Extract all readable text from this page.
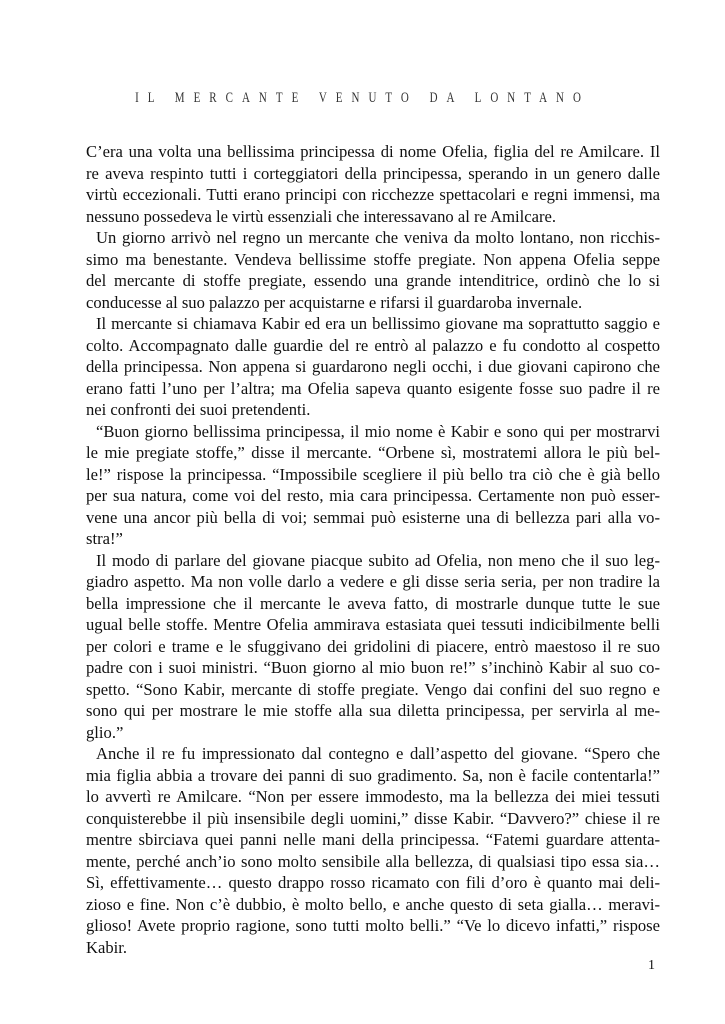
IL MERCANTE VENUTO DA LONTANO
C’era una volta una bellissima principessa di nome Ofelia, figlia del re Amilcare. Il
re aveva respinto tutti i corteggiatori della principessa, sperando in un genero dalle
virtù eccezionali. Tutti erano principi con ricchezze spettacolari e regni immensi, ma
nessuno possedeva le virtù essenziali che interessavano al re Amilcare.
Un giorno arrivò nel regno un mercante che veniva da molto lontano, non ricchis-
simo ma benestante. Vendeva bellissime stoffe pregiate. Non appena Ofelia seppe
del mercante di stoffe pregiate, essendo una grande intenditrice, ordinò che lo si
conducesse al suo palazzo per acquistarne e rifarsi il guardaroba invernale.
Il mercante si chiamava Kabir ed era un bellissimo giovane ma soprattutto saggio e
colto. Accompagnato dalle guardie del re entrò al palazzo e fu condotto al cospetto
della principessa. Non appena si guardarono negli occhi, i due giovani capirono che
erano fatti l’uno per l’altra; ma Ofelia sapeva quanto esigente fosse suo padre il re
nei confronti dei suoi pretendenti.
“Buon giorno bellissima principessa, il mio nome è Kabir e sono qui per mostrarvi
le mie pregiate stoffe,” disse il mercante. “Orbene sì, mostratemi allora le più bel-
le!” rispose la principessa. “Impossibile scegliere il più bello tra ciò che è già bello
per sua natura, come voi del resto, mia cara principessa. Certamente non può esser-
vene una ancor più bella di voi; semmai può esisterne una di bellezza pari alla vo-
stra!”
Il modo di parlare del giovane piacque subito ad Ofelia, non meno che il suo leg-
giadro aspetto. Ma non volle darlo a vedere e gli disse seria seria, per non tradire la
bella impressione che il mercante le aveva fatto, di mostrarle dunque tutte le sue
ugual belle stoffe. Mentre Ofelia ammirava estasiata quei tessuti indicibilmente belli
per colori e trame e le sfuggivano dei gridolini di piacere, entrò maestoso il re suo
padre con i suoi ministri. “Buon giorno al mio buon re!” s’inchinò Kabir al suo co-
spetto. “Sono Kabir, mercante di stoffe pregiate. Vengo dai confini del suo regno e
sono qui per mostrare le mie stoffe alla sua diletta principessa, per servirla al me-
glio.”
Anche il re fu impressionato dal contegno e dall’aspetto del giovane. “Spero che
mia figlia abbia a trovare dei panni di suo gradimento. Sa, non è facile contentarla!”
lo avvertì re Amilcare. “Non per essere immodesto, ma la bellezza dei miei tessuti
conquisterebbe il più insensibile degli uomini,” disse Kabir. “Davvero?” chiese il re
mentre sbirciava quei panni nelle mani della principessa. “Fatemi guardare attenta-
mente, perché anch’io sono molto sensibile alla bellezza, di qualsiasi tipo essa sia…
Sì, effettivamente… questo drappo rosso ricamato con fili d’oro è quanto mai deli-
zioso e fine. Non c’è dubbio, è molto bello, e anche questo di seta gialla… meravi-
glioso! Avete proprio ragione, sono tutti molto belli.” “Ve lo dicevo infatti,” rispose
Kabir.
1
